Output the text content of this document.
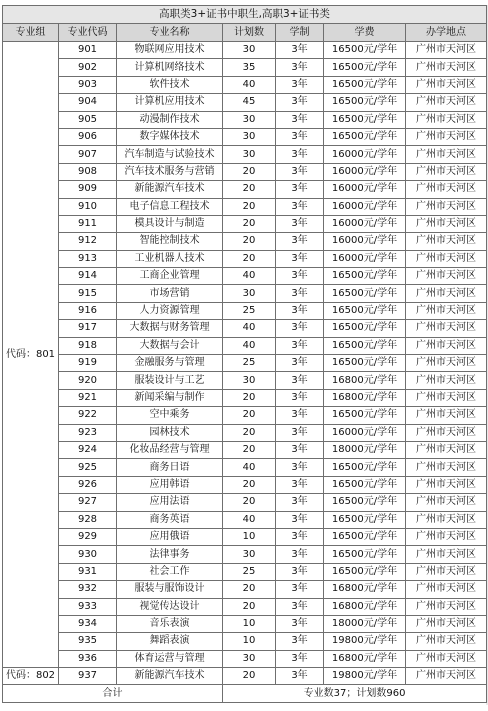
高职类3+证书中职生,高职3+证书类						
专业组	专业代码	专业名称	计划数	学制	学费	办学地点
代码：801	901	物联网应用技术	30	3年	16500元/学年	广州市天河区
	902	计算机网络技术	35	3年	16500元/学年	广州市天河区
	903	软件技术	40	3年	16500元/学年	广州市天河区
	904	计算机应用技术	45	3年	16500元/学年	广州市天河区
	905	动漫制作技术	30	3年	16500元/学年	广州市天河区
	906	数字媒体技术	30	3年	16500元/学年	广州市天河区
	907	汽车制造与试验技术	30	3年	16000元/学年	广州市天河区
	908	汽车技术服务与营销	20	3年	16000元/学年	广州市天河区
	909	新能源汽车技术	20	3年	16000元/学年	广州市天河区
	910	电子信息工程技术	20	3年	16000元/学年	广州市天河区
	911	模具设计与制造	20	3年	16000元/学年	广州市天河区
	912	智能控制技术	20	3年	16000元/学年	广州市天河区
	913	工业机器人技术	20	3年	16000元/学年	广州市天河区
	914	工商企业管理	40	3年	16500元/学年	广州市天河区
	915	市场营销	30	3年	16500元/学年	广州市天河区
	916	人力资源管理	25	3年	16500元/学年	广州市天河区
	917	大数据与财务管理	40	3年	16500元/学年	广州市天河区
	918	大数据与会计	40	3年	16500元/学年	广州市天河区
	919	金融服务与管理	25	3年	16500元/学年	广州市天河区
	920	服装设计与工艺	30	3年	16800元/学年	广州市天河区
	921	新闻采编与制作	20	3年	16800元/学年	广州市天河区
	922	空中乘务	20	3年	16500元/学年	广州市天河区
	923	园林技术	20	3年	16000元/学年	广州市天河区
	924	化妆品经营与管理	20	3年	18000元/学年	广州市天河区
	925	商务日语	40	3年	16500元/学年	广州市天河区
	926	应用韩语	20	3年	16500元/学年	广州市天河区
	927	应用法语	20	3年	16500元/学年	广州市天河区
	928	商务英语	40	3年	16500元/学年	广州市天河区
	929	应用俄语	10	3年	16500元/学年	广州市天河区
	930	法律事务	30	3年	16500元/学年	广州市天河区
	931	社会工作	25	3年	16500元/学年	广州市天河区
	932	服装与服饰设计	20	3年	16800元/学年	广州市天河区
	933	视觉传达设计	20	3年	16800元/学年	广州市天河区
	934	音乐表演	10	3年	18000元/学年	广州市天河区
	935	舞蹈表演	10	3年	19800元/学年	广州市天河区
	936	体育运营与管理	30	3年	16800元/学年	广州市天河区
代码：802	937	新能源汽车技术	20	3年	19800元/学年	广州市天河区
合计			专业数37；计划数960			
